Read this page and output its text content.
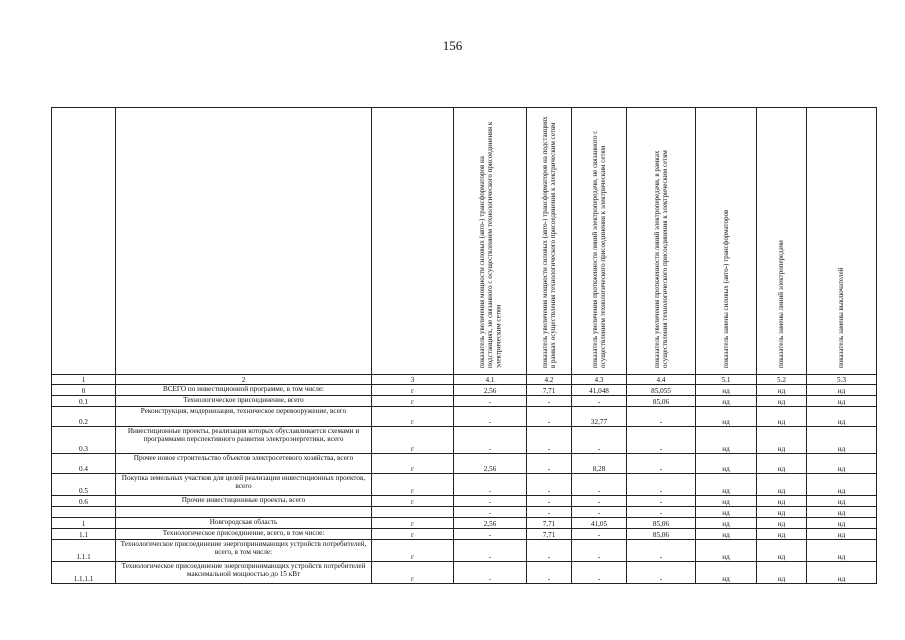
156

			показатель увеличения мощности силовых (авто-) трансформаторов на подстанциях, не связанного с осуществлением технологического присоединения к электрическим сетям	показатель увеличения мощности силовых (авто-) трансформаторов на подстанциях в рамках осуществления технологического присоединения к электрическим сетям	показатель увеличения протяженности линий электропередачи, не связанного с осуществлением технологического присоединения к электрическим сетям	показатель увеличения протяженности линий электропередачи, в рамках осуществления технологического присоединения к электрическим сетям	показатель замены силовых (авто-) трансформаторов	показатель замены линий электропередачи	показатель замены выключателей

1	2	3	4.1	4.2	4.3	4.4	5.1	5.2	5.3
0	ВСЕГО по инвестиционной программе, в том числе:	г	2,56	7,71	41,048	85,055	нд	нд	нд
0.1	Технологическое присоединение, всего	г	-	-	-	85,06	нд	нд	нд
0.2	Реконструкция, модернизация, техническое перевооружение, всего	г	-	-	32,77	-	нд	нд	нд
0.3	Инвестиционные проекты, реализация которых обуславливается схемами и программами перспективного развития электроэнергетики, всего	г	-	-	-	-	нд	нд	нд
0.4	Прочее новое строительство объектов электросетевого хозяйства, всего	г	2,56	-	8,28	-	нд	нд	нд
0.5	Покупка земельных участков для целей реализации инвестиционных проектов, всего	г	-	-	-	-	нд	нд	нд
0.6	Прочие инвестиционные проекты, всего	г	-	-	-	-	нд	нд	нд
			-	-	-	-	нд	нд	нд
1	Новгородская область	г	2,56	7,71	41,05	85,06	нд	нд	нд
1.1	Технологическое присоединение, всего, в том числе:	г	-	7,71	-	85,06	нд	нд	нд
1.1.1	Технологическое присоединение энергопринимающих устройств потребителей, всего, в том числе:	г	-	-	-	-	нд	нд	нд
1.1.1.1	Технологическое присоединение энергопринимающих устройств потребителей максимальной мощностью до 15 кВт	г	-	-	-	-	нд	нд	нд
